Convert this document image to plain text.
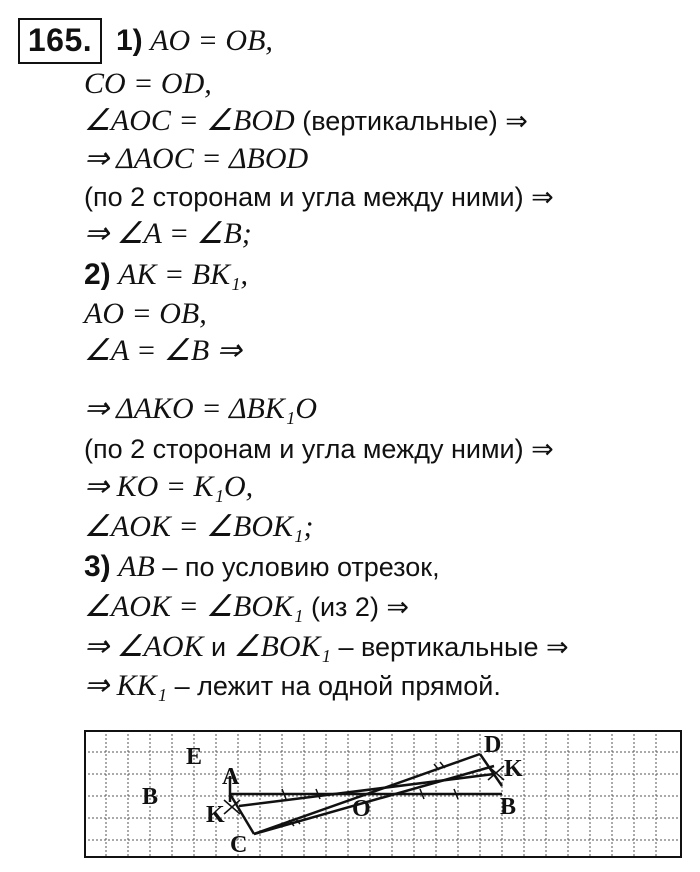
165. 1) AO = OB,
CO = OD,
∠AOC = ∠BOD (вертикальные) ⇒
⇒ ΔAOC = ΔBOD
(по 2 сторонам и угла между ними) ⇒
⇒ ∠A = ∠B;
2) AK = BK₁,
AO = OB,
∠A = ∠B ⇒
⇒ ΔAKO = ΔBK₁O
(по 2 сторонам и угла между ними) ⇒
⇒ KO = K₁O,
∠AOK = ∠BOK₁;
3) AB – по условию отрезок,
∠AOK = ∠BOK₁ (из 2) ⇒
⇒ ∠AOK и ∠BOK₁ – вертикальные ⇒
⇒ KK₁ – лежит на одной прямой.
E
A
B
K
C
O
D
K
B
